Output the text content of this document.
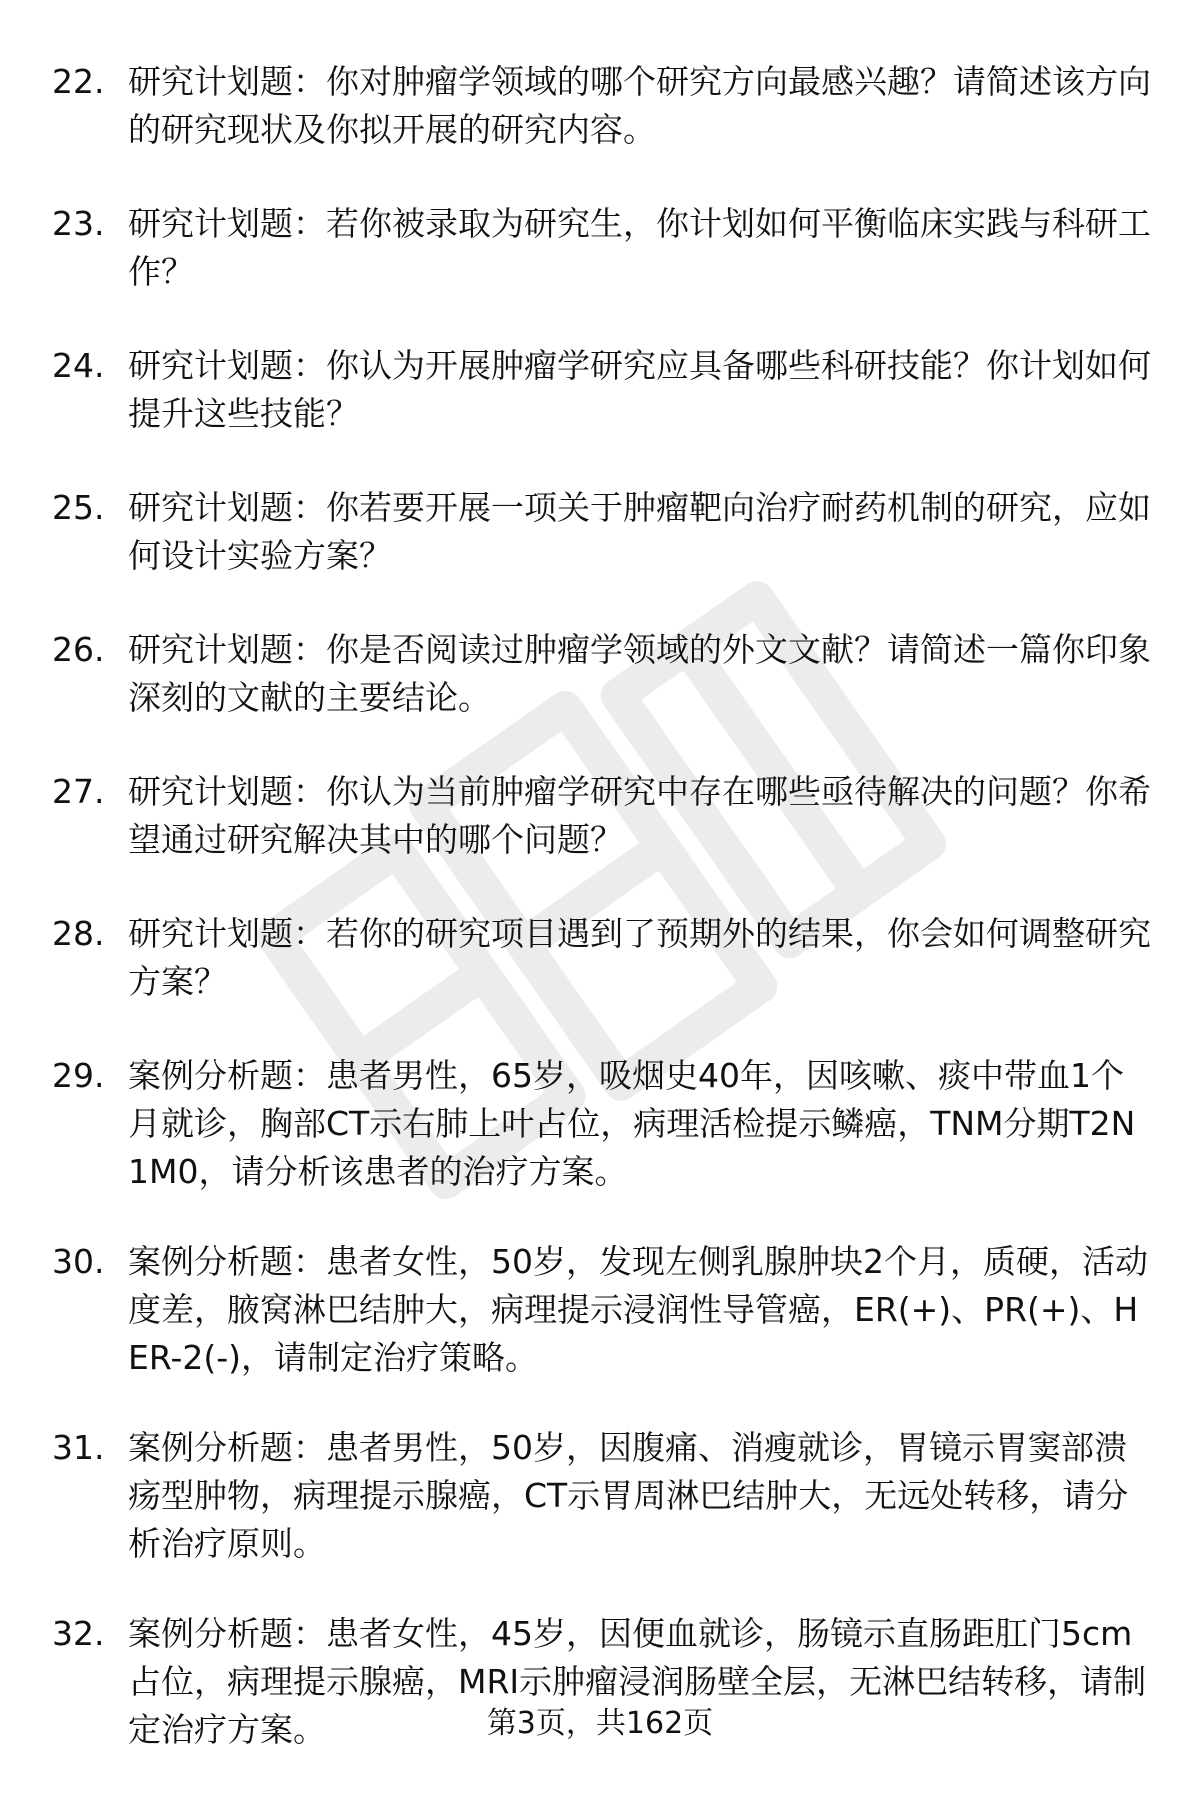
22. 研究计划题：你对肿瘤学领域的哪个研究方向最感兴趣？请简述该方向的研究现状及你拟开展的研究内容。
23. 研究计划题：若你被录取为研究生，你计划如何平衡临床实践与科研工作？
24. 研究计划题：你认为开展肿瘤学研究应具备哪些科研技能？你计划如何提升这些技能？
25. 研究计划题：你若要开展一项关于肿瘤靶向治疗耐药机制的研究，应如何设计实验方案？
26. 研究计划题：你是否阅读过肿瘤学领域的外文文献？请简述一篇你印象深刻的文献的主要结论。
27. 研究计划题：你认为当前肿瘤学研究中存在哪些亟待解决的问题？你希望通过研究解决其中的哪个问题？
28. 研究计划题：若你的研究项目遇到了预期外的结果，你会如何调整研究方案？
29. 案例分析题：患者男性，65岁，吸烟史40年，因咳嗽、痰中带血1个月就诊，胸部CT示右肺上叶占位，病理活检提示鳞癌，TNM分期T2N1M0，请分析该患者的治疗方案。
30. 案例分析题：患者女性，50岁，发现左侧乳腺肿块2个月，质硬，活动度差，腋窝淋巴结肿大，病理提示浸润性导管癌，ER(+)、PR(+)、HER-2(-)，请制定治疗策略。
31. 案例分析题：患者男性，50岁，因腹痛、消瘦就诊，胃镜示胃窦部溃疡型肿物，病理提示腺癌，CT示胃周淋巴结肿大，无远处转移，请分析治疗原则。
32. 案例分析题：患者女性，45岁，因便血就诊，肠镜示直肠距肛门5cm占位，病理提示腺癌，MRI示肿瘤浸润肠壁全层，无淋巴结转移，请制定治疗方案。	第3页，共162页
